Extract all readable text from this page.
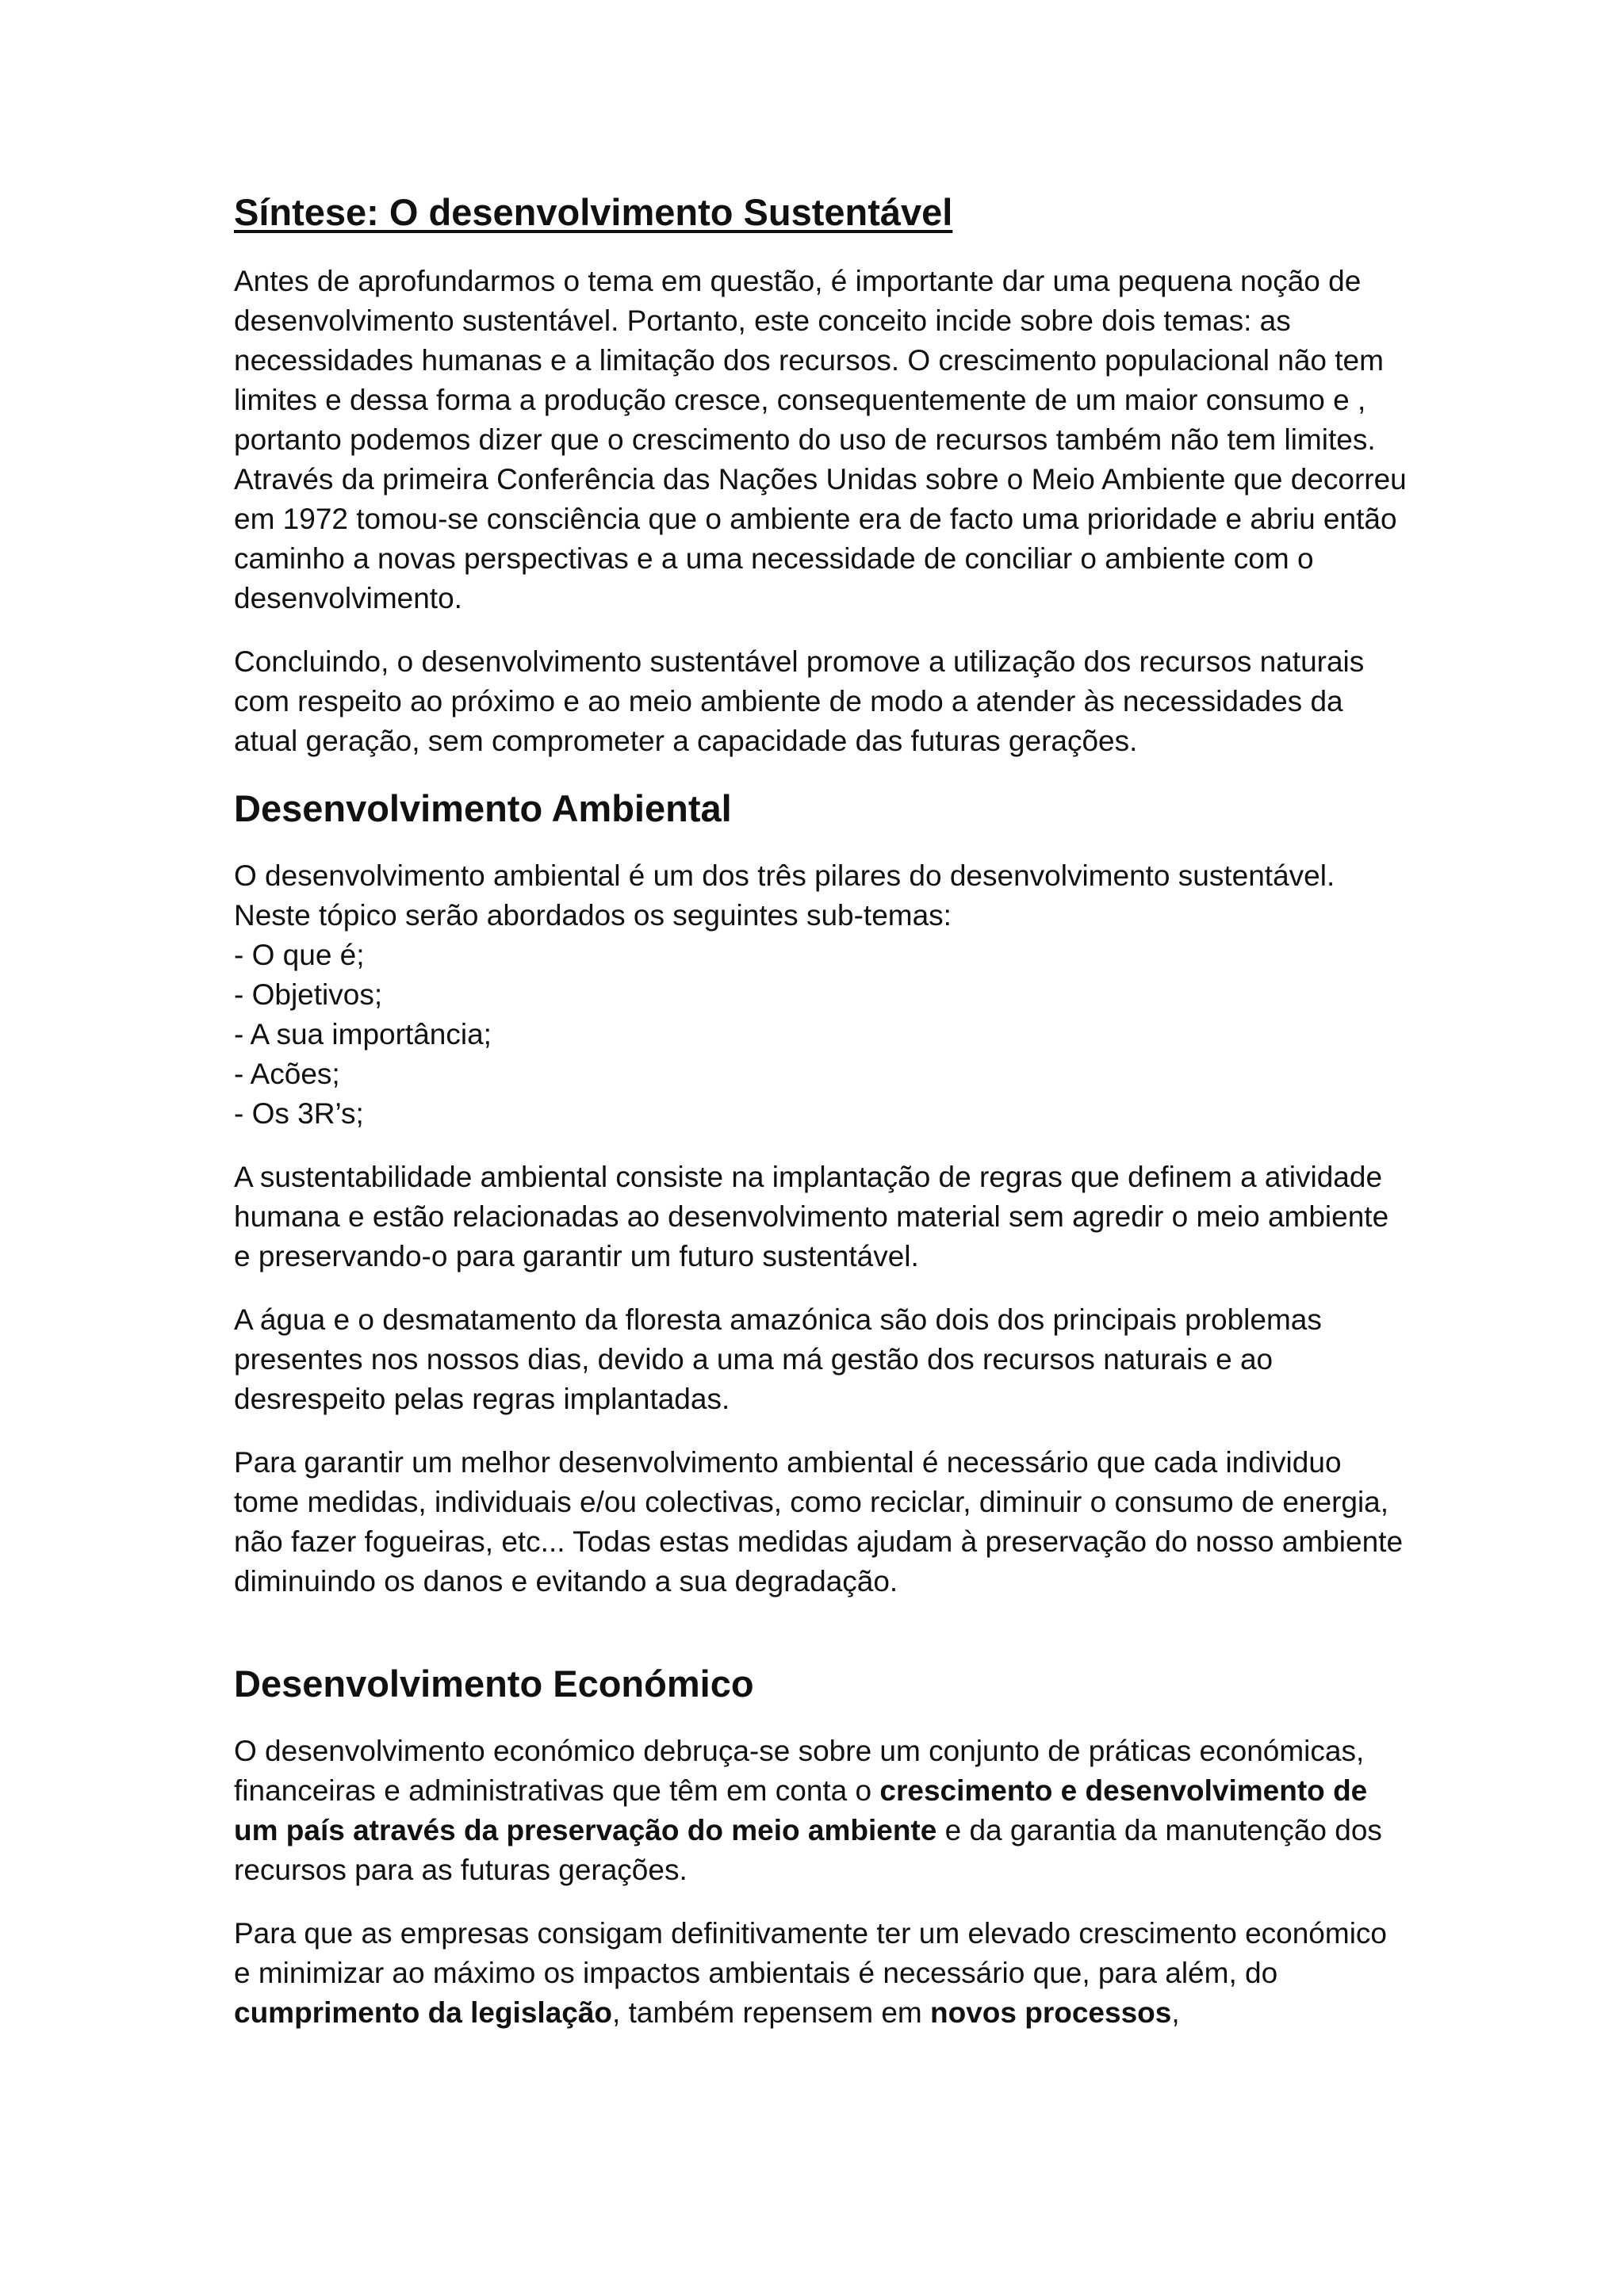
Síntese: O desenvolvimento Sustentável

Antes de aprofundarmos o tema em questão, é importante dar uma pequena noção de desenvolvimento sustentável. Portanto, este conceito incide sobre dois temas: as necessidades humanas e a limitação dos recursos. O crescimento populacional não tem limites e dessa forma a produção cresce, consequentemente de um maior consumo e , portanto podemos dizer que o crescimento do uso de recursos também não tem limites. Através da primeira Conferência das Nações Unidas sobre o Meio Ambiente que decorreu em 1972 tomou-se consciência que o ambiente era de facto uma prioridade e abriu então caminho a novas perspectivas e a uma necessidade de conciliar o ambiente com o desenvolvimento.

Concluindo, o desenvolvimento sustentável promove a utilização dos recursos naturais com respeito ao próximo e ao meio ambiente de modo a atender às necessidades da atual geração, sem comprometer a capacidade das futuras gerações.

Desenvolvimento Ambiental

O desenvolvimento ambiental é um dos três pilares do desenvolvimento sustentável. Neste tópico serão abordados os seguintes sub-temas:

- O que é;
- Objetivos;
- A sua importância;
- Acões;
- Os 3R’s;

A sustentabilidade ambiental consiste na implantação de regras que definem a atividade humana e estão relacionadas ao desenvolvimento material sem agredir o meio ambiente e preservando-o para garantir um futuro sustentável.

A água e o desmatamento da floresta amazónica são dois dos principais problemas presentes nos nossos dias, devido a uma má gestão dos recursos naturais e ao desrespeito pelas regras implantadas.

Para garantir um melhor desenvolvimento ambiental é necessário que cada individuo tome medidas, individuais e/ou colectivas, como reciclar, diminuir o consumo de energia, não fazer fogueiras, etc... Todas estas medidas ajudam à preservação do nosso ambiente diminuindo os danos e evitando a sua degradação.

Desenvolvimento Económico

O desenvolvimento económico debruça-se sobre um conjunto de práticas económicas, financeiras e administrativas que têm em conta o crescimento e desenvolvimento de um país através da preservação do meio ambiente e da garantia da manutenção dos recursos para as futuras gerações.

Para que as empresas consigam definitivamente ter um elevado crescimento económico e minimizar ao máximo os impactos ambientais é necessário que, para além, do cumprimento da legislação, também repensem em novos processos,
